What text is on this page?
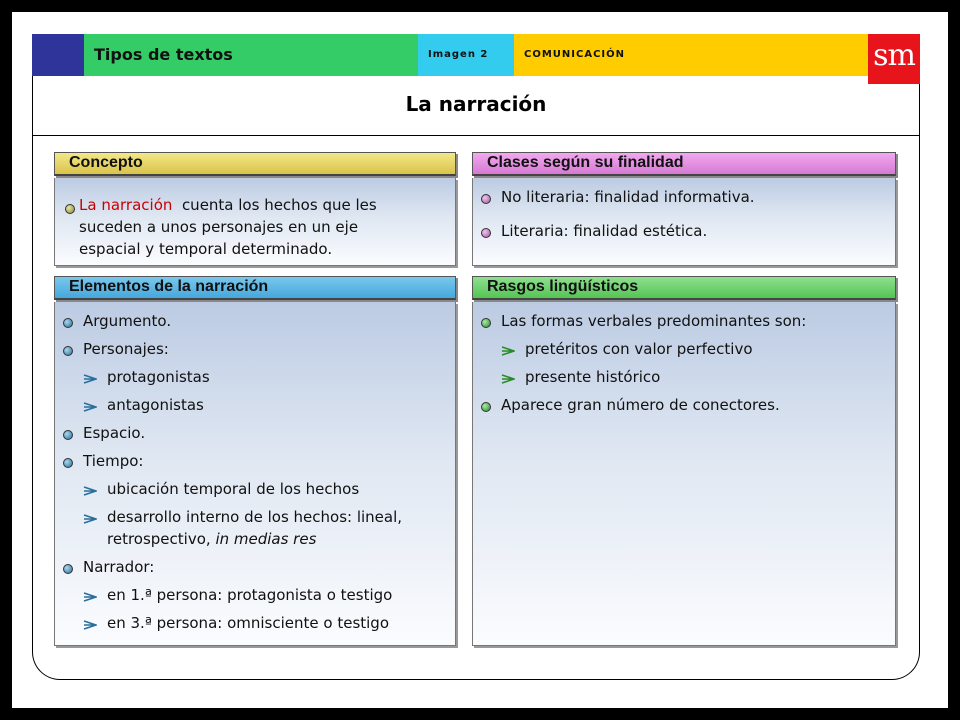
Tipos de textos	Imagen 2	COMUNICACIÓN	sm
La narración
Concepto
La narración cuenta los hechos que les
suceden a unos personajes en un eje
espacial y temporal determinado.
Clases según su finalidad
No literaria: finalidad informativa.
Literaria: finalidad estética.
Elementos de la narración
Argumento.
Personajes:
protagonistas
antagonistas
Espacio.
Tiempo:
ubicación temporal de los hechos
desarrollo interno de los hechos: lineal,
retrospectivo, in medias res
Narrador:
en 1.ª persona: protagonista o testigo
en 3.ª persona: omnisciente o testigo
Rasgos lingüísticos
Las formas verbales predominantes son:
pretéritos con valor perfectivo
presente histórico
Aparece gran número de conectores.
